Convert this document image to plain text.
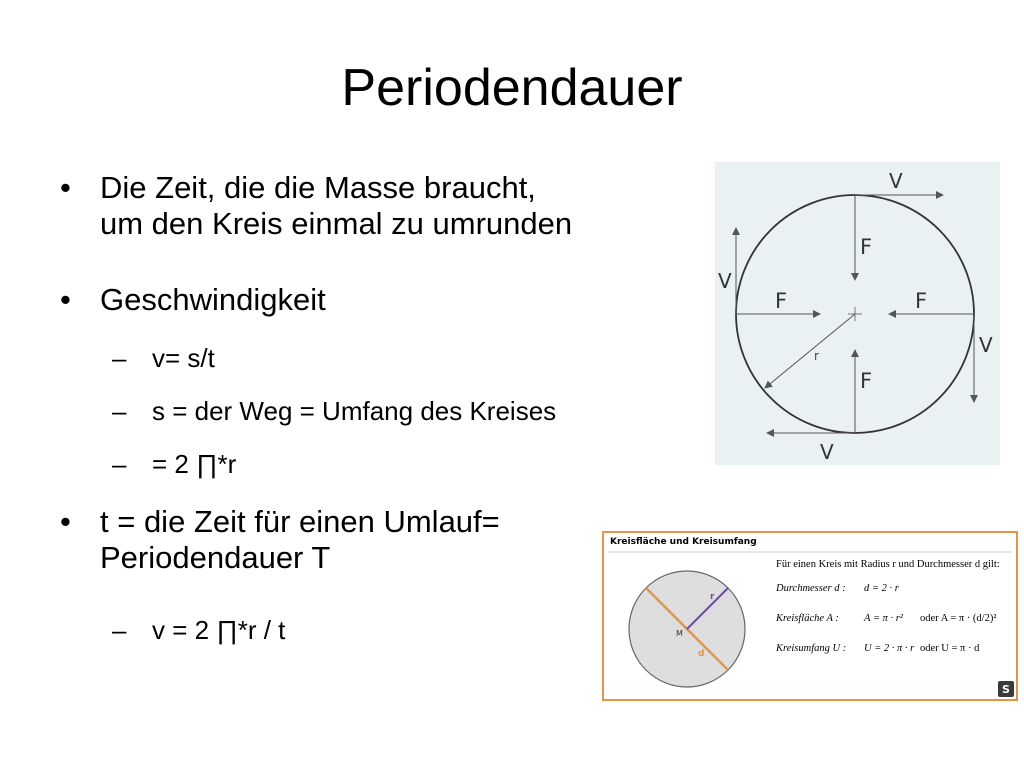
Periodendauer
• Die Zeit, die die Masse braucht,
um den Kreis einmal zu umrunden
• Geschwindigkeit
– v= s/t
– s = der Weg = Umfang des Kreises
– = 2 ∏*r
• t = die Zeit für einen Umlauf=
Periodendauer T
– v = 2 ∏*r / t
V
V
V
V
F
F	F
F
r
r
M
d
S
Kreisfläche und Kreisumfang
Für einen Kreis mit Radius r und Durchmesser d gilt:
Durchmesser d : d = 2 · r
Kreisfläche A : A = π · r² oder A = π · (d/2)²
Kreisumfang U : U = 2 · π · r oder U = π · d
